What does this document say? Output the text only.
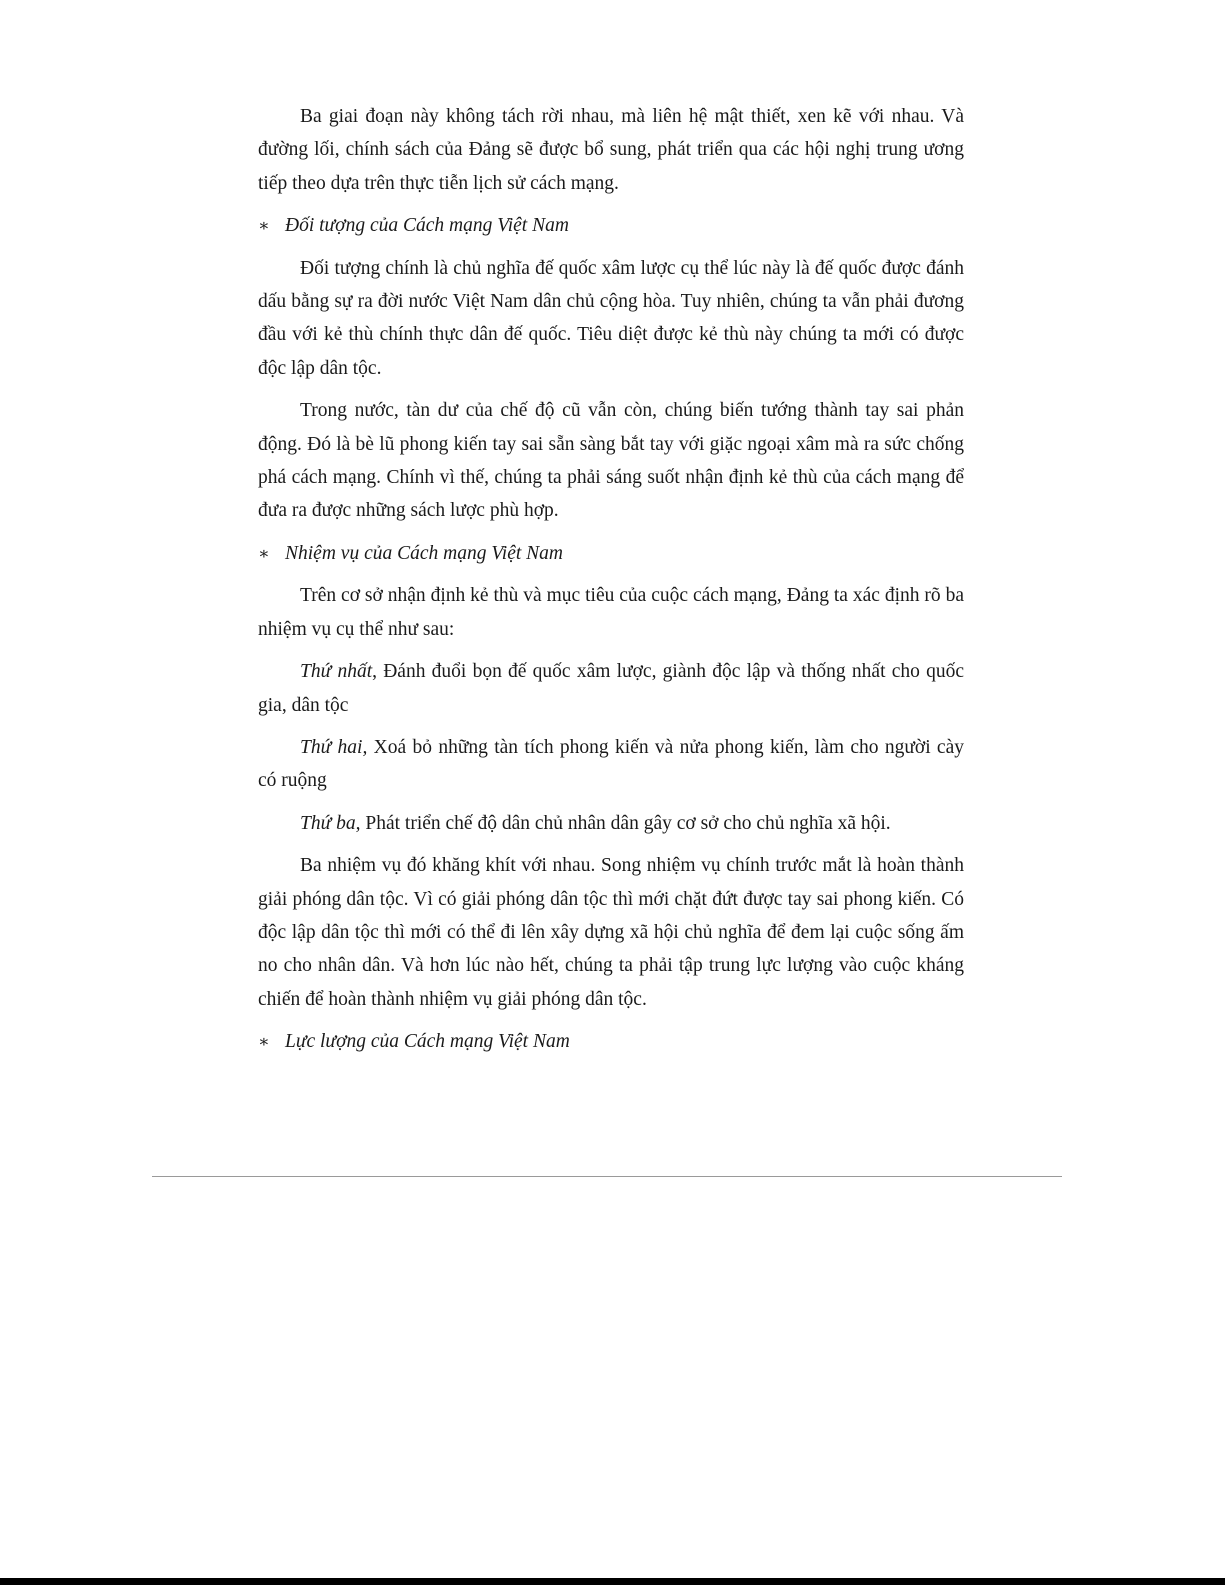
Ba giai đoạn này không tách rời nhau, mà liên hệ mật thiết, xen kẽ với nhau. Và đường lối, chính sách của Đảng sẽ được bổ sung, phát triển qua các hội nghị trung ương tiếp theo dựa trên thực tiễn lịch sử cách mạng.

∗ Đối tượng của Cách mạng Việt Nam

Đối tượng chính là chủ nghĩa đế quốc xâm lược cụ thể lúc này là đế quốc được đánh dấu bằng sự ra đời nước Việt Nam dân chủ cộng hòa. Tuy nhiên, chúng ta vẫn phải đương đầu với kẻ thù chính thực dân đế quốc. Tiêu diệt được kẻ thù này chúng ta mới có được độc lập dân tộc.

Trong nước, tàn dư của chế độ cũ vẫn còn, chúng biến tướng thành tay sai phản động. Đó là bè lũ phong kiến tay sai sẵn sàng bắt tay với giặc ngoại xâm mà ra sức chống phá cách mạng. Chính vì thế, chúng ta phải sáng suốt nhận định kẻ thù của cách mạng để đưa ra được những sách lược phù hợp.

∗ Nhiệm vụ của Cách mạng Việt Nam

Trên cơ sở nhận định kẻ thù và mục tiêu của cuộc cách mạng, Đảng ta xác định rõ ba nhiệm vụ cụ thể như sau:

Thứ nhất, Đánh đuổi bọn đế quốc xâm lược, giành độc lập và thống nhất cho quốc gia, dân tộc

Thứ hai, Xoá bỏ những tàn tích phong kiến và nửa phong kiến, làm cho người cày có ruộng

Thứ ba, Phát triển chế độ dân chủ nhân dân gây cơ sở cho chủ nghĩa xã hội.

Ba nhiệm vụ đó khăng khít với nhau. Song nhiệm vụ chính trước mắt là hoàn thành giải phóng dân tộc. Vì có giải phóng dân tộc thì mới chặt đứt được tay sai phong kiến. Có độc lập dân tộc thì mới có thể đi lên xây dựng xã hội chủ nghĩa để đem lại cuộc sống ấm no cho nhân dân. Và hơn lúc nào hết, chúng ta phải tập trung lực lượng vào cuộc kháng chiến để hoàn thành nhiệm vụ giải phóng dân tộc.

∗ Lực lượng của Cách mạng Việt Nam
